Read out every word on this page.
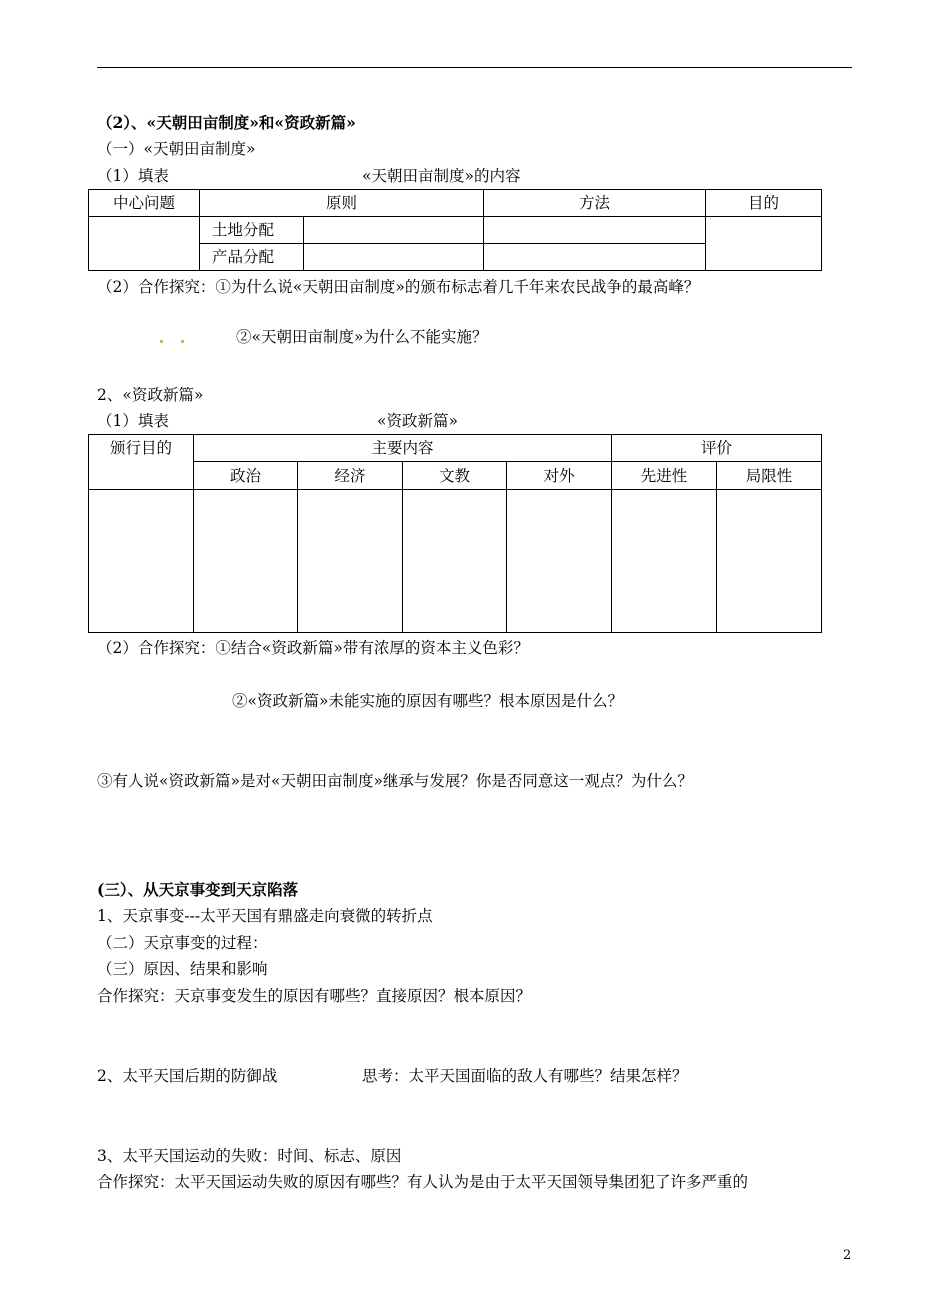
（2）、«天朝田亩制度»和«资政新篇»
（一）«天朝田亩制度»
（1）填表	«天朝田亩制度»的内容
中心问题	原则		方法	目的
	土地分配			
	产品分配			
（2）合作探究：①为什么说«天朝田亩制度»的颁布标志着几千年来农民战争的最高峰？
②«天朝田亩制度»为什么不能实施？
2、«资政新篇»
（1）填表	«资政新篇»
颁行目的	主要内容				评价	
	政治	经济	文教	对外	先进性	局限性

（2）合作探究：①结合«资政新篇»带有浓厚的资本主义色彩？
②«资政新篇»未能实施的原因有哪些？根本原因是什么？
③有人说«资政新篇»是对«天朝田亩制度»继承与发展？你是否同意这一观点？为什么？
(三）、从天京事变到天京陷落
1、天京事变---太平天国有鼎盛走向衰微的转折点
（二）天京事变的过程：
（三）原因、结果和影响
合作探究：天京事变发生的原因有哪些？直接原因？根本原因？
2、太平天国后期的防御战	思考：太平天国面临的敌人有哪些？结果怎样？
3、太平天国运动的失败：时间、标志、原因
合作探究：太平天国运动失败的原因有哪些？有人认为是由于太平天国领导集团犯了许多严重的
2
